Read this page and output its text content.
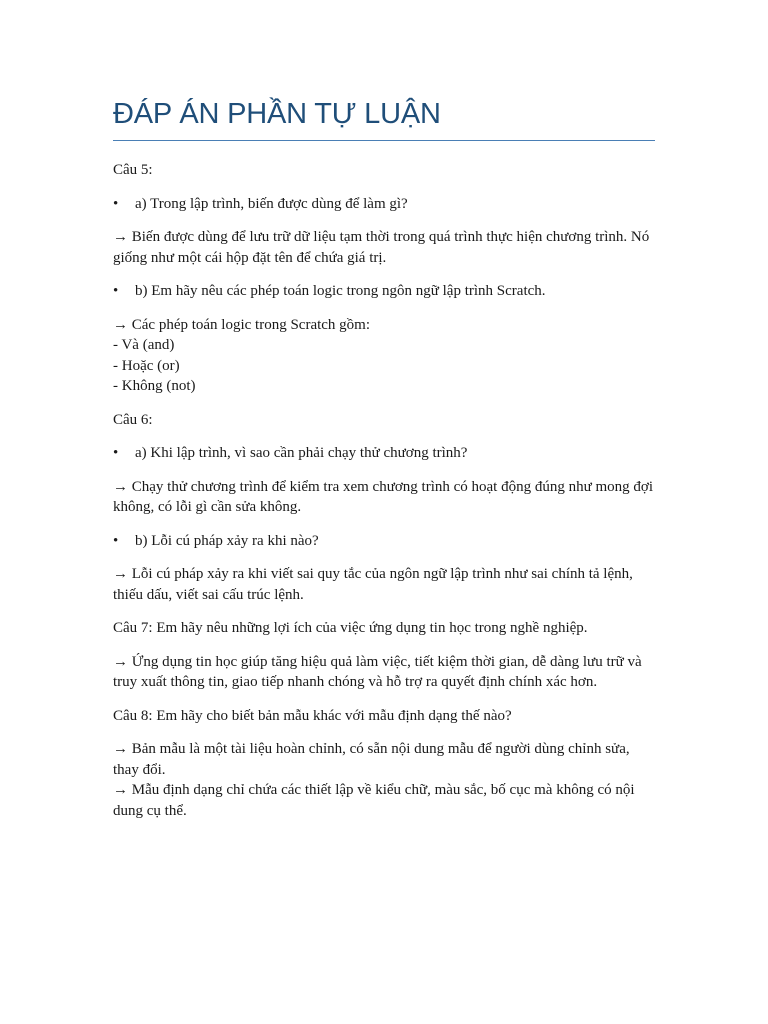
ĐÁP ÁN PHẦN TỰ LUẬN

Câu 5:

•	a) Trong lập trình, biến được dùng để làm gì?

→ Biến được dùng để lưu trữ dữ liệu tạm thời trong quá trình thực hiện chương trình. Nó giống như một cái hộp đặt tên để chứa giá trị.

•	b) Em hãy nêu các phép toán logic trong ngôn ngữ lập trình Scratch.
→ Các phép toán logic trong Scratch gồm:
- Và (and)
- Hoặc (or)
- Không (not)

Câu 6:

•	a) Khi lập trình, vì sao cần phải chạy thử chương trình?

→ Chạy thử chương trình để kiểm tra xem chương trình có hoạt động đúng như mong đợi không, có lỗi gì cần sửa không.

•	b) Lỗi cú pháp xảy ra khi nào?

→ Lỗi cú pháp xảy ra khi viết sai quy tắc của ngôn ngữ lập trình như sai chính tả lệnh, thiếu dấu, viết sai cấu trúc lệnh.

Câu 7: Em hãy nêu những lợi ích của việc ứng dụng tin học trong nghề nghiệp.

→ Ứng dụng tin học giúp tăng hiệu quả làm việc, tiết kiệm thời gian, dễ dàng lưu trữ và truy xuất thông tin, giao tiếp nhanh chóng và hỗ trợ ra quyết định chính xác hơn.

Câu 8: Em hãy cho biết bản mẫu khác với mẫu định dạng thế nào?

→ Bản mẫu là một tài liệu hoàn chỉnh, có sẵn nội dung mẫu để người dùng chỉnh sửa, thay đổi.
→ Mẫu định dạng chỉ chứa các thiết lập về kiểu chữ, màu sắc, bố cục mà không có nội dung cụ thể.
